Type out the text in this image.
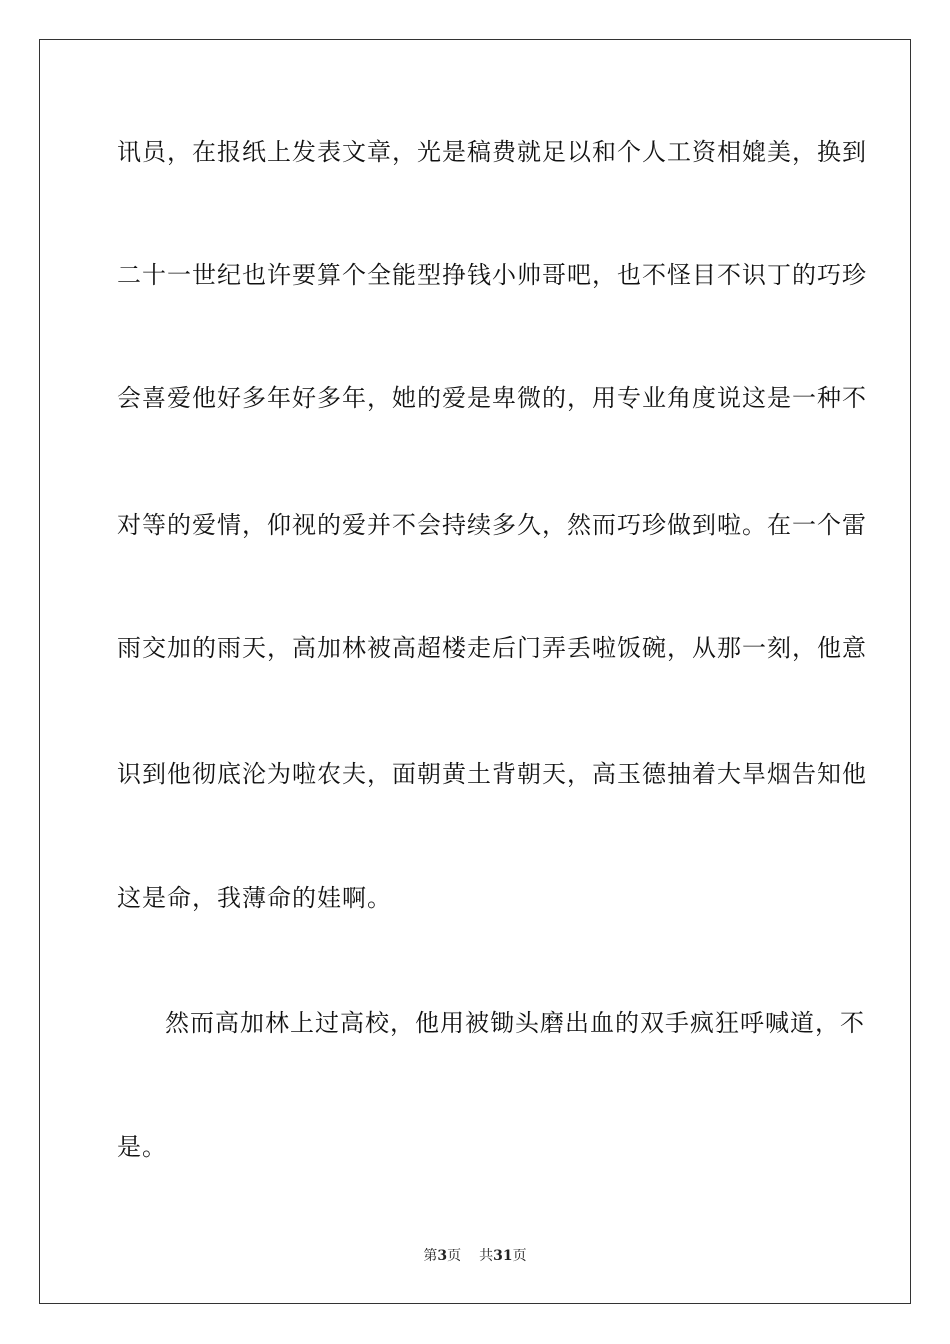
讯员，在报纸上发表文章，光是稿费就足以和个人工资相媲美，换到
二十一世纪也许要算个全能型挣钱小帅哥吧，也不怪目不识丁的巧珍
会喜爱他好多年好多年，她的爱是卑微的，用专业角度说这是一种不
对等的爱情，仰视的爱并不会持续多久，然而巧珍做到啦。在一个雷
雨交加的雨天，高加林被高超楼走后门弄丢啦饭碗，从那一刻，他意
识到他彻底沦为啦农夫，面朝黄土背朝天，高玉德抽着大旱烟告知他
这是命，我薄命的娃啊。
然而高加林上过高校，他用被锄头磨出血的双手疯狂呼喊道，不
是。
第3页 共31页
